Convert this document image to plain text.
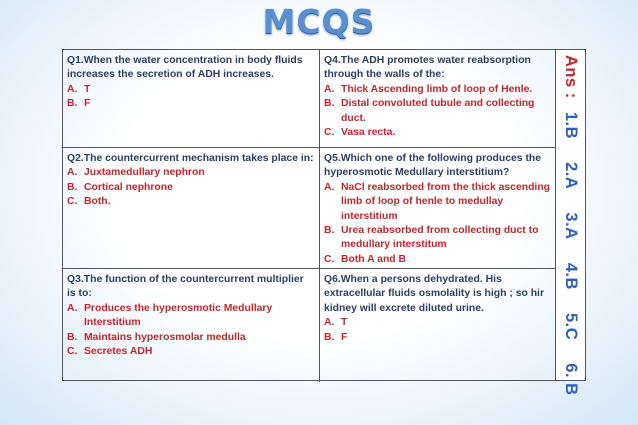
MCQS
Q1.When the water concentration in body fluids increases the secretion of ADH increases.
A. T
B. F
Q4.The ADH promotes water reabsorption through the walls of the:
A. Thick Ascending limb of loop of Henle.
B. Distal convoluted tubule and collecting duct.
C. Vasa recta.
Q2.The countercurrent mechanism takes place in:
A. Juxtamedullary nephron
B. Cortical nephrone
C. Both.
Q5.Which one of the following produces the hyperosmotic Medullary interstitium?
A. NaCl reabsorbed from the thick ascending limb of loop of henle to medullay interstitium
B. Urea reabsorbed from collecting duct to medullary interstitum
C. Both A and B
Q3.The function of the countercurrent multiplier is to:
A. Produces the hyperosmotic Medullary Interstitium
B. Maintains hyperosmolar medulla
C. Secretes ADH
Q6.When a persons dehydrated. His extracellular fluids osmolality is high ; so hir kidney will excrete diluted urine.
A. T
B. F
Ans : 1.B 2.A 3.A 4.B 5.C 6. B
